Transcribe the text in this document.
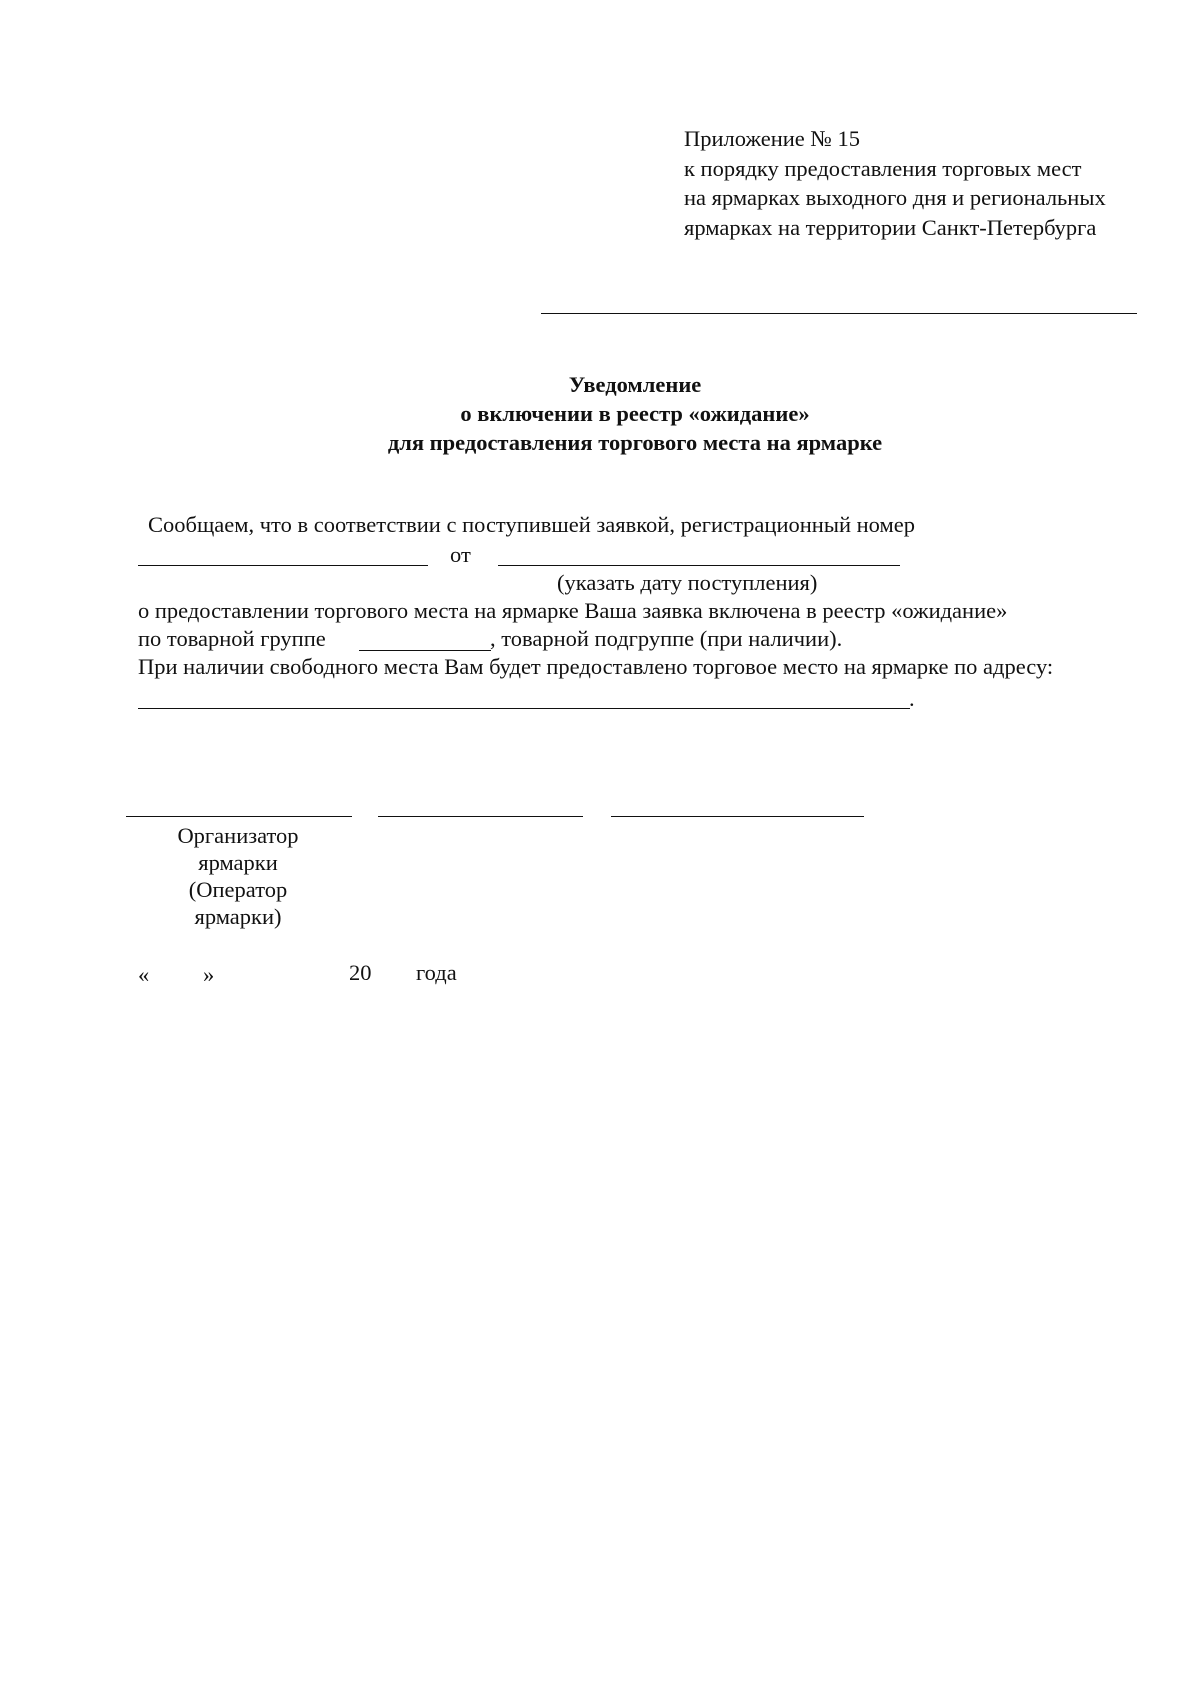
Приложение № 15
к порядку предоставления торговых мест
на ярмарках выходного дня и региональных
ярмарках на территории Санкт-Петербурга
Уведомление
о включении в реестр «ожидание»
для предоставления торгового места на ярмарке
Сообщаем, что в соответствии с поступившей заявкой, регистрационный номер
от
(указать дату поступления)
о предоставлении торгового места на ярмарке Ваша заявка включена в реестр «ожидание»
по товарной группе	, товарной подгруппе (при наличии).
При наличии свободного места Вам будет предоставлено торговое место на ярмарке по адресу:
.
Организатор
ярмарки
(Оператор
ярмарки)
« »	20 года
